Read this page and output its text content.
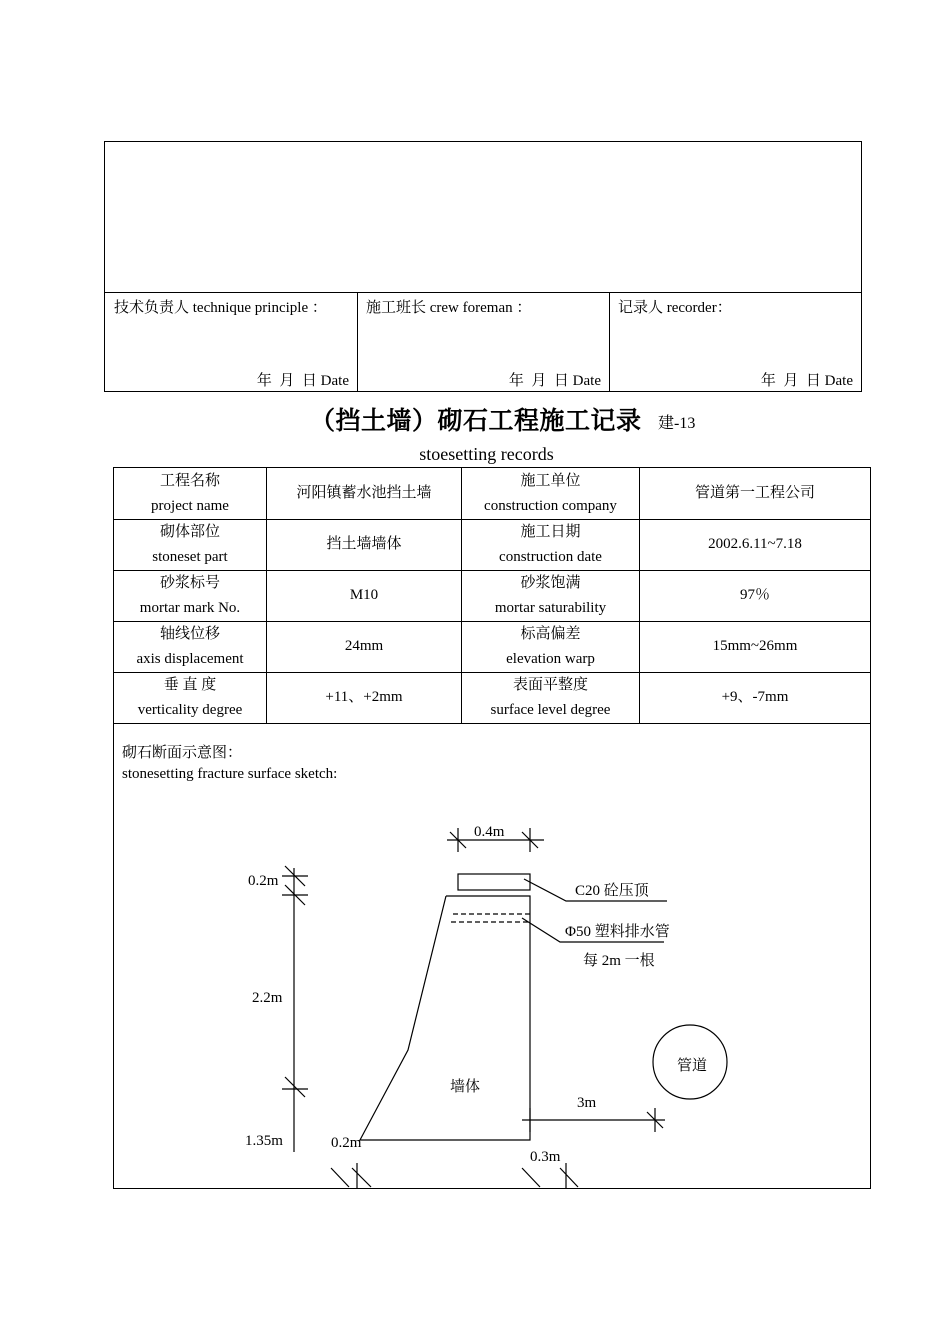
技术负责人 technique principle ：
年  月  日 Date
施工班长 crew foreman ：
年  月  日 Date
记录人 recorder：
年  月  日 Date
（挡土墙）砌石工程施工记录 建-13
stoesetting records
工程名称
project name
河阳镇蓄水池挡土墙
施工单位
construction company
管道第一工程公司
砌体部位
stoneset part
挡土墙墙体
施工日期
construction date
2002.6.11~7.18
砂浆标号
mortar mark No.
M10
砂浆饱满
mortar saturability
97％
轴线位移
axis displacement
24mm
标高偏差
elevation warp
15mm~26mm
垂 直 度
verticality degree
+11、+2mm
表面平整度
surface level degree
+9、-7mm
砌石断面示意图：
stonesetting fracture surface sketch:
0.4m
0.2m
2.2m
1.35m	0.2m
0.3m
3m
C20 砼压顶
Φ50 塑料排水管
每 2m 一根
墙体
管道
